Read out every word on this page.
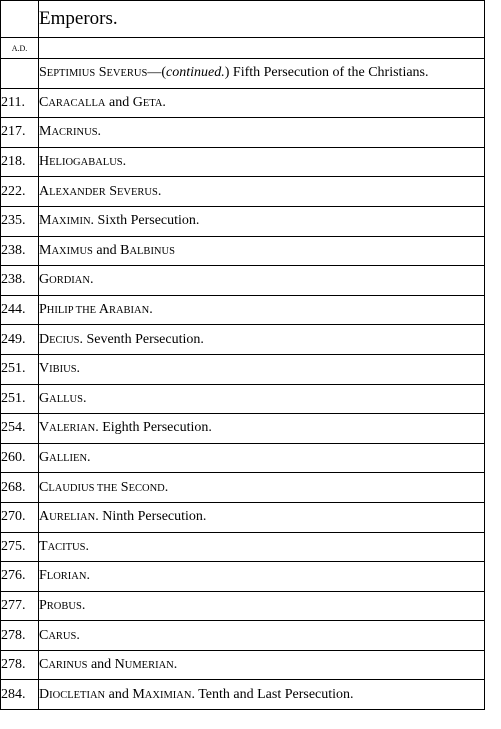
	Emperors.
A.D.	
	SEPTIMIUS SEVERUS—(continued.) Fifth Persecution of the Christians.
211.	CARACALLA and GETA.
217.	MACRINUS.
218.	HELIOGABALUS.
222.	ALEXANDER SEVERUS.
235.	MAXIMIN. Sixth Persecution.
238.	MAXIMUS and BALBINUS
238.	GORDIAN.
244.	PHILIP THE ARABIAN.
249.	DECIUS. Seventh Persecution.
251.	VIBIUS.
251.	GALLUS.
254.	VALERIAN. Eighth Persecution.
260.	GALLIEN.
268.	CLAUDIUS THE SECOND.
270.	AURELIAN. Ninth Persecution.
275.	TACITUS.
276.	FLORIAN.
277.	PROBUS.
278.	CARUS.
278.	CARINUS and NUMERIAN.
284.	DIOCLETIAN and MAXIMIAN. Tenth and Last Persecution.
